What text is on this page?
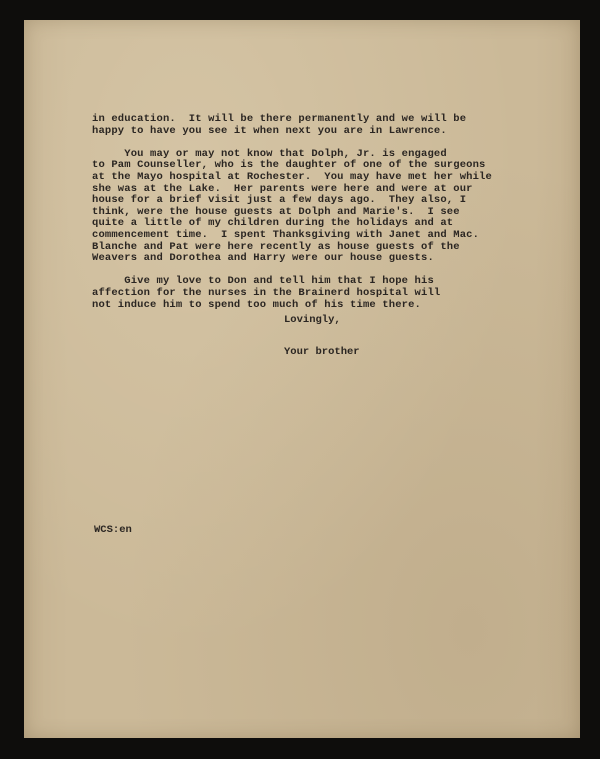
in education.  It will be there permanently and we will be
happy to have you see it when next you are in Lawrence.
You may or may not know that Dolph, Jr. is engaged
to Pam Counseller, who is the daughter of one of the surgeons
at the Mayo hospital at Rochester.  You may have met her while
she was at the Lake.  Her parents were here and were at our
house for a brief visit just a few days ago.  They also, I
think, were the house guests at Dolph and Marie's.  I see
quite a little of my children during the holidays and at
commencement time.  I spent Thanksgiving with Janet and Mac.
Blanche and Pat were here recently as house guests of the
Weavers and Dorothea and Harry were our house guests.
Give my love to Don and tell him that I hope his
affection for the nurses in the Brainerd hospital will
not induce him to spend too much of his time there.
Lovingly,
Your brother
WCS:en
